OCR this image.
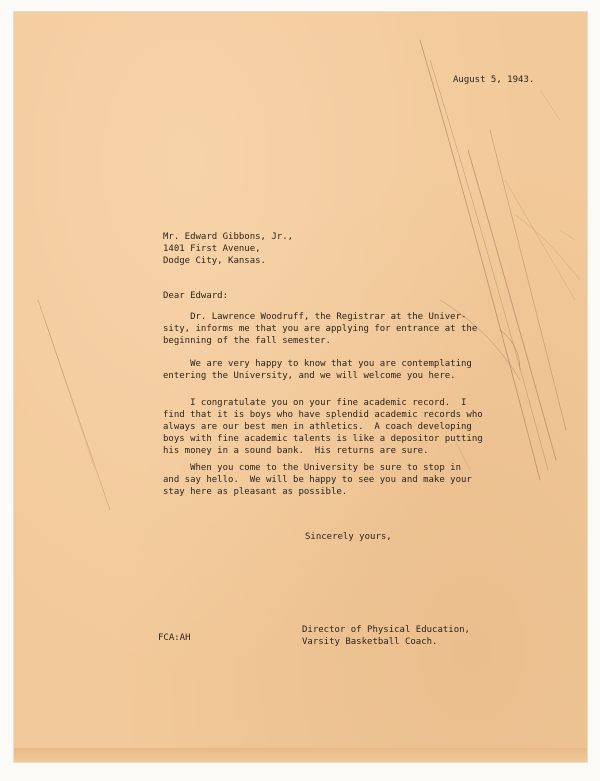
August 5, 1943.
Mr. Edward Gibbons, Jr.,
1401 First Avenue,
Dodge City, Kansas.
Dear Edward:
Dr. Lawrence Woodruff, the Registrar at the Univer-
sity, informs me that you are applying for entrance at the
beginning of the fall semester.
We are very happy to know that you are contemplating
entering the University, and we will welcome you here.
I congratulate you on your fine academic record.  I
find that it is boys who have splendid academic records who
always are our best men in athletics.  A coach developing
boys with fine academic talents is like a depositor putting
his money in a sound bank.  His returns are sure.
When you come to the University be sure to stop in
and say hello.  We will be happy to see you and make your
stay here as pleasant as possible.
Sincerely yours,
FCA:AH
Director of Physical Education,
Varsity Basketball Coach.
